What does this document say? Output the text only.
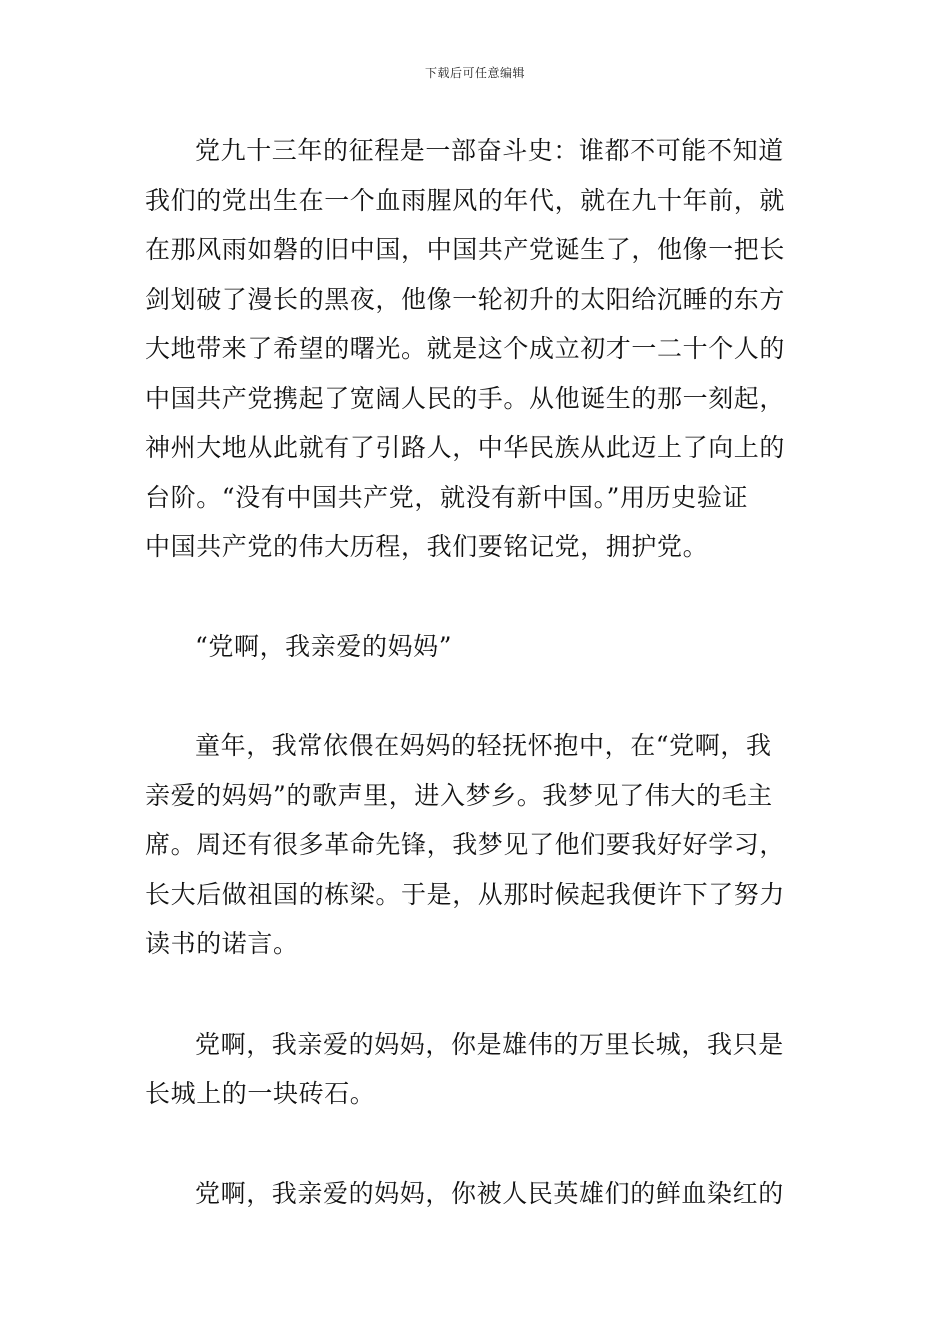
下载后可任意编辑
党九十三年的征程是一部奋斗史：谁都不可能不知道
我们的党出生在一个血雨腥风的年代，就在九十年前，就
在那风雨如磐的旧中国，中国共产党诞生了，他像一把长
剑划破了漫长的黑夜，他像一轮初升的太阳给沉睡的东方
大地带来了希望的曙光。就是这个成立初才一二十个人的
中国共产党携起了宽阔人民的手。从他诞生的那一刻起，
神州大地从此就有了引路人，中华民族从此迈上了向上的
台阶。“没有中国共产党，就没有新中国。”用历史验证
中国共产党的伟大历程，我们要铭记党，拥护党。
“党啊，我亲爱的妈妈”
童年，我常依偎在妈妈的轻抚怀抱中，在“党啊，我
亲爱的妈妈”的歌声里，进入梦乡。我梦见了伟大的毛主
席。周还有很多革命先锋，我梦见了他们要我好好学习，
长大后做祖国的栋梁。于是，从那时候起我便许下了努力
读书的诺言。
党啊，我亲爱的妈妈，你是雄伟的万里长城，我只是
长城上的一块砖石。
党啊，我亲爱的妈妈，你被人民英雄们的鲜血染红的
